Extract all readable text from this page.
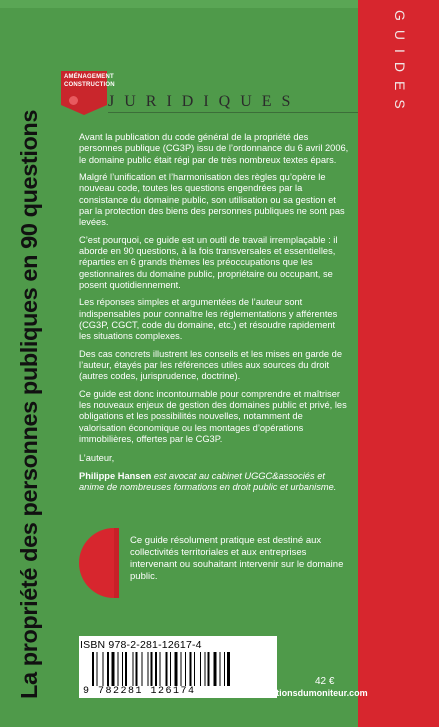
GUIDES
AMÉNAGEMENT
CONSTRUCTION
JURIDIQUES
La propriété des personnes publiques en 90 questions	Avant la publication du code général de la propriété des personnes publique (CG3P) issu de l’ordonnance du 6 avril 2006, le domaine public était régi par de très nombreux textes épars.

Malgré l’unification et l’harmonisation des règles qu’opère le nouveau code, toutes les questions engendrées par la consistance du domaine public, son utilisation ou sa gestion et par la protection des biens des personnes publiques ne sont pas levées.

C’est pourquoi, ce guide est un outil de travail irremplaçable : il aborde en 90 questions, à la fois transversales et essentielles, réparties en 6 grands thèmes les préoccupations que les gestionnaires du domaine public, propriétaire ou occupant, se posent quotidiennement.

Les réponses simples et argumentées de l’auteur sont indispensables pour connaître les réglementations y afférentes (CG3P, CGCT, code du domaine, etc.) et résoudre rapidement les situations complexes.

Des cas concrets illustrent les conseils et les mises en garde de l’auteur, étayés par les références utiles aux sources du droit (autres codes, jurisprudence, doctrine).

Ce guide est donc incontournable pour comprendre et maîtriser les nouveaux enjeux de gestion des domaines public et privé, les obligations et les possibilités nouvelles, notamment de valorisation économique ou les montages d’opérations immobilières, offertes par le CG3P.

L’auteur,

Philippe Hansen est avocat au cabinet UGGC&associés et anime de nombreuses formations en droit public et urbanisme.

Ce guide résolument pratique est destiné aux collectivités territoriales et aux entreprises intervenant ou souhaitant intervenir sur le domaine public.
ISBN 978-2-281-12617-4
9 782281 126174
42 €
www.editionsdumoniteur.com
